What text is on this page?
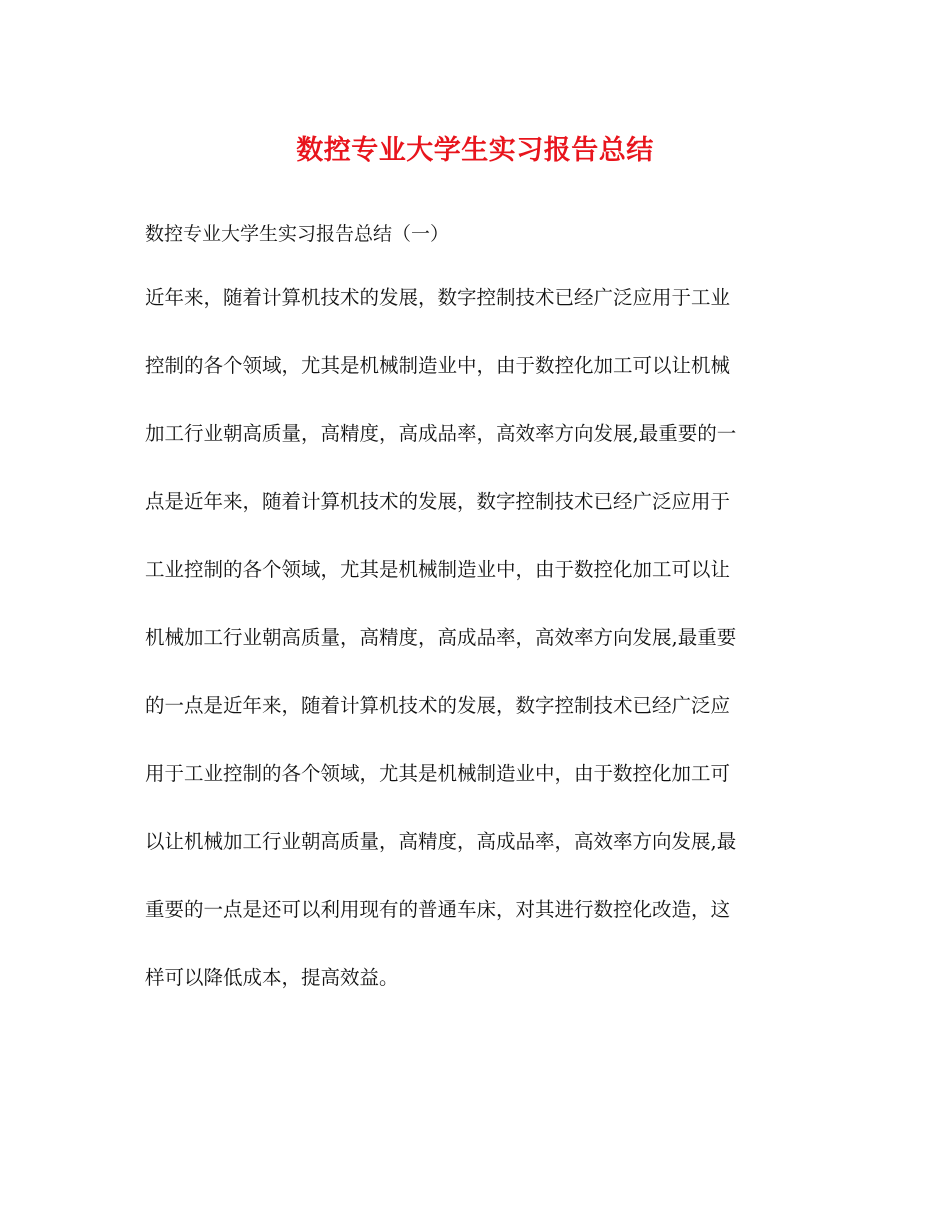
数控专业大学生实习报告总结

数控专业大学生实习报告总结（一）

近年来，随着计算机技术的发展，数字控制技术已经广泛应用于工业
控制的各个领域，尤其是机械制造业中，由于数控化加工可以让机械
加工行业朝高质量，高精度，高成品率，高效率方向发展,最重要的一
点是近年来，随着计算机技术的发展，数字控制技术已经广泛应用于
工业控制的各个领域，尤其是机械制造业中，由于数控化加工可以让
机械加工行业朝高质量，高精度，高成品率，高效率方向发展,最重要
的一点是近年来，随着计算机技术的发展，数字控制技术已经广泛应
用于工业控制的各个领域，尤其是机械制造业中，由于数控化加工可
以让机械加工行业朝高质量，高精度，高成品率，高效率方向发展,最
重要的一点是还可以利用现有的普通车床，对其进行数控化改造，这
样可以降低成本，提高效益。
